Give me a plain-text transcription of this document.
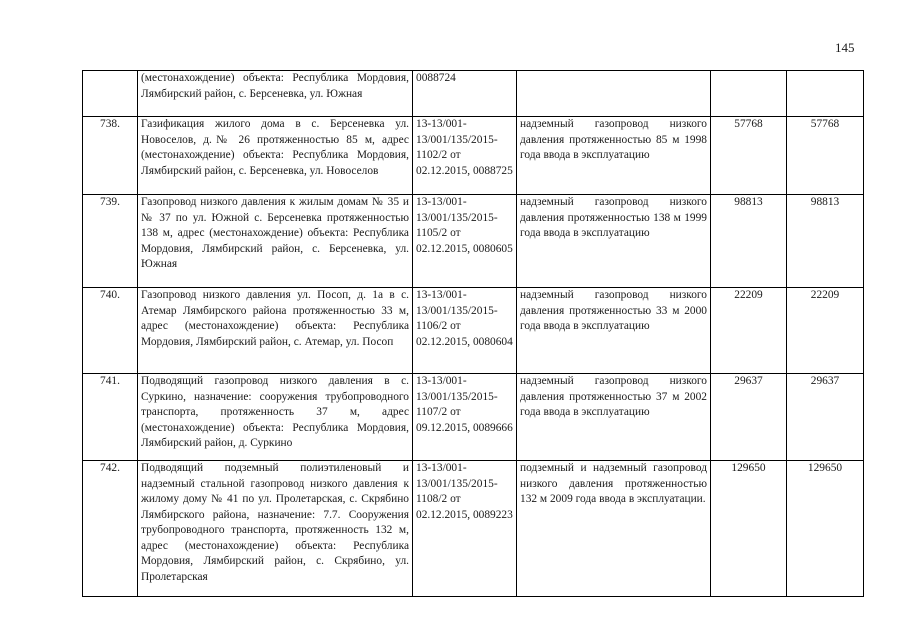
145
	(местонахождение) объекта: Республика Мордовия, Лямбирский район, с. Берсеневка, ул. Южная	0088724			
738.	Газификация жилого дома в с. Берсеневка ул. Новоселов, д.№ 26 протяженностью 85 м, адрес (местонахождение) объекта: Республика Мордовия, Лямбирский район, с. Берсеневка, ул. Новоселов	13-13/001-13/001/135/2015-1102/2 от 02.12.2015, 0088725	надземный газопровод низкого давления протяженностью 85 м 1998 года ввода в эксплуатацию	57768	57768
739.	Газопровод низкого давления к жилым домам № 35 и № 37 по ул. Южной с. Берсеневка протяженностью 138 м, адрес (местонахождение) объекта: Республика Мордовия, Лямбирский район, с. Берсеневка, ул. Южная	13-13/001-13/001/135/2015-1105/2 от 02.12.2015, 0080605	надземный газопровод низкого давления протяженностью 138 м 1999 года ввода в эксплуатацию	98813	98813
740.	Газопровод низкого давления ул. Посоп, д. 1а в с. Атемар Лямбирского района протяженностью 33 м, адрес (местонахождение) объекта: Республика Мордовия, Лямбирский район, с. Атемар, ул. Посоп	13-13/001-13/001/135/2015-1106/2 от 02.12.2015, 0080604	надземный газопровод низкого давления протяженностью 33 м 2000 года ввода в эксплуатацию	22209	22209
741.	Подводящий газопровод низкого давления в с. Суркино, назначение: сооружения трубопроводного транспорта, протяженность 37 м, адрес (местонахождение) объекта: Республика Мордовия, Лямбирский район, д. Суркино	13-13/001-13/001/135/2015-1107/2 от 09.12.2015, 0089666	надземный газопровод низкого давления протяженностью 37 м 2002 года ввода в эксплуатацию	29637	29637
742.	Подводящий подземный полиэтиленовый и надземный стальной газопровод низкого давления к жилому дому № 41 по ул. Пролетарская, с. Скрябино Лямбирского района, назначение: 7.7. Сооружения трубопроводного транспорта, протяженность 132 м, адрес (местонахождение) объекта: Республика Мордовия, Лямбирский район, с. Скрябино, ул. Пролетарская	13-13/001-13/001/135/2015-1108/2 от 02.12.2015, 0089223	подземный и надземный газопровод низкого давления протяженностью 132 м 2009 года ввода в эксплуатации.	129650	129650
